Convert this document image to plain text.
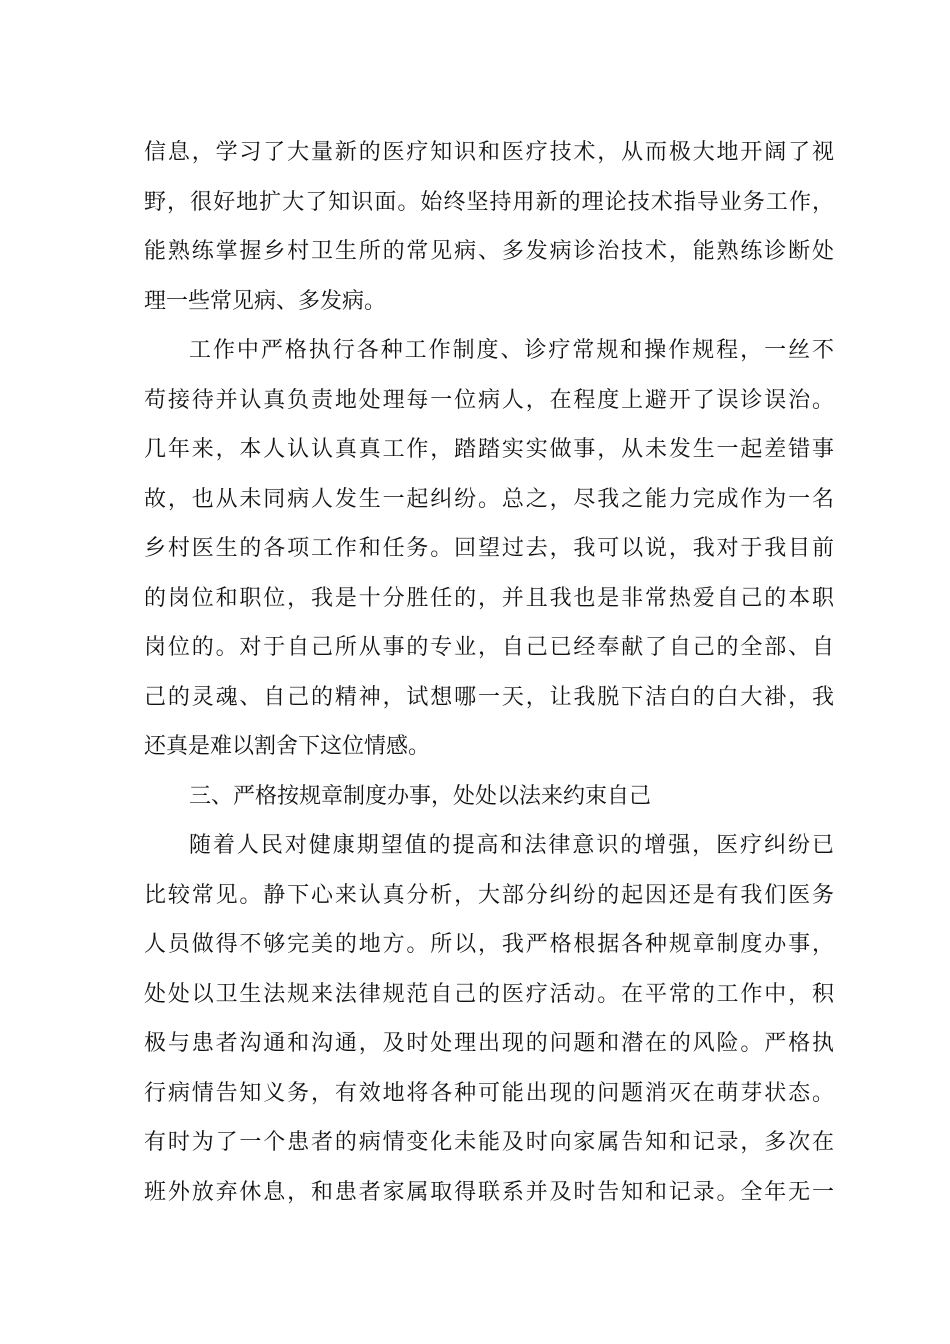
信息，学习了大量新的医疗知识和医疗技术，从而极大地开阔了视
野，很好地扩大了知识面。始终坚持用新的理论技术指导业务工作，
能熟练掌握乡村卫生所的常见病、多发病诊治技术，能熟练诊断处
理一些常见病、多发病。
工作中严格执行各种工作制度、诊疗常规和操作规程，一丝不
苟接待并认真负责地处理每一位病人，在程度上避开了误诊误治。
几年来，本人认认真真工作，踏踏实实做事，从未发生一起差错事
故，也从未同病人发生一起纠纷。总之，尽我之能力完成作为一名
乡村医生的各项工作和任务。回望过去，我可以说，我对于我目前
的岗位和职位，我是十分胜任的，并且我也是非常热爱自己的本职
岗位的。对于自己所从事的专业，自己已经奉献了自己的全部、自
己的灵魂、自己的精神，试想哪一天，让我脱下洁白的白大褂，我
还真是难以割舍下这位情感。
三、严格按规章制度办事，处处以法来约束自己
随着人民对健康期望值的提高和法律意识的增强，医疗纠纷已
比较常见。静下心来认真分析，大部分纠纷的起因还是有我们医务
人员做得不够完美的地方。所以，我严格根据各种规章制度办事，
处处以卫生法规来法律规范自己的医疗活动。在平常的工作中，积
极与患者沟通和沟通，及时处理出现的问题和潜在的风险。严格执
行病情告知义务，有效地将各种可能出现的问题消灭在萌芽状态。
有时为了一个患者的病情变化未能及时向家属告知和记录，多次在
班外放弃休息，和患者家属取得联系并及时告知和记录。全年无一
